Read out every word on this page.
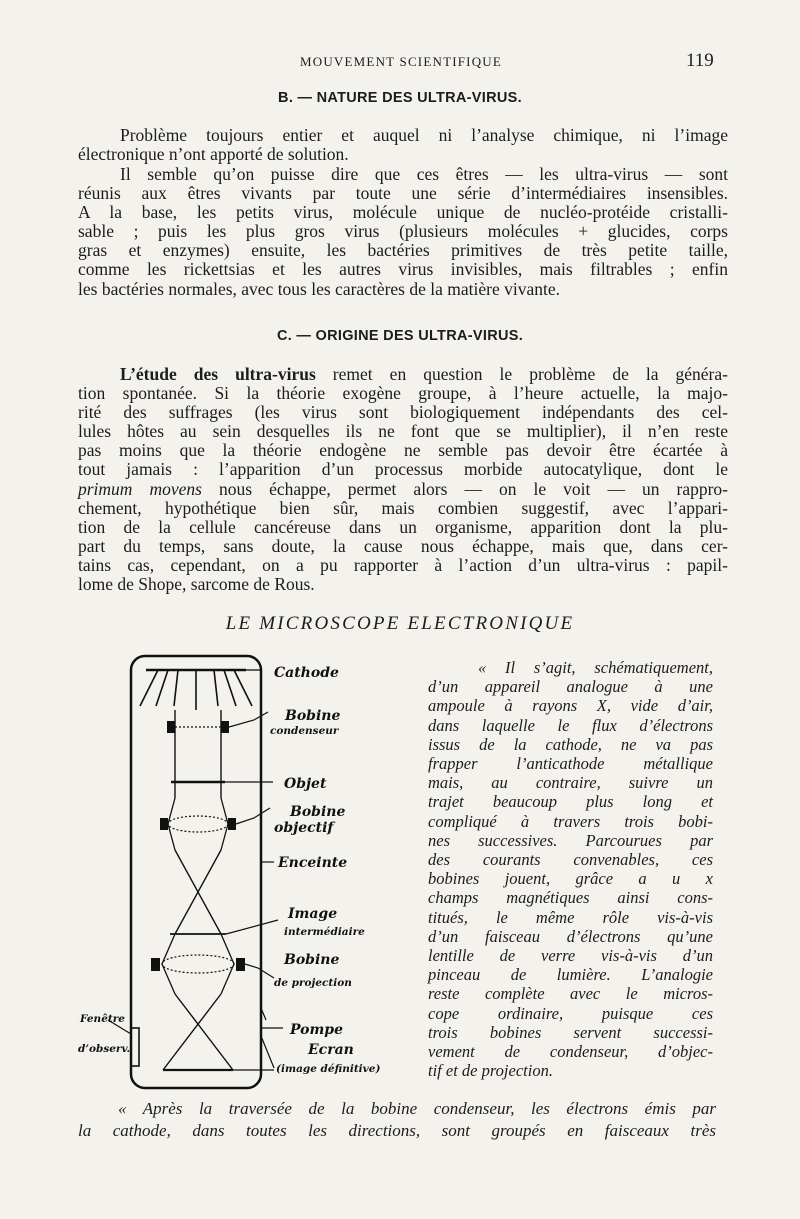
MOUVEMENT SCIENTIFIQUE	119
B. — NATURE DES ULTRA-VIRUS.
Problème toujours entier et auquel ni l’analyse chimique, ni l’image
électronique n’ont apporté de solution.
Il semble qu’on puisse dire que ces êtres — les ultra-virus — sont
réunis aux êtres vivants par toute une série d’intermédiaires insensibles.
A la base, les petits virus, molécule unique de nucléo-protéide cristalli-
sable ; puis les plus gros virus (plusieurs molécules + glucides, corps
gras et enzymes) ensuite, les bactéries primitives de très petite taille,
comme les rickettsias et les autres virus invisibles, mais filtrables ; enfin
les bactéries normales, avec tous les caractères de la matière vivante.
C. — ORIGINE DES ULTRA-VIRUS.
L’étude des ultra-virus remet en question le problème de la généra-
tion spontanée. Si la théorie exogène groupe, à l’heure actuelle, la majo-
rité des suffrages (les virus sont biologiquement indépendants des cel-
lules hôtes au sein desquelles ils ne font que se multiplier), il n’en reste
pas moins que la théorie endogène ne semble pas devoir être écartée à
tout jamais : l’apparition d’un processus morbide autocatylique, dont le
primum movens nous échappe, permet alors — on le voit — un rappro-
chement, hypothétique bien sûr, mais combien suggestif, avec l’appari-
tion de la cellule cancéreuse dans un organisme, apparition dont la plu-
part du temps, sans doute, la cause nous échappe, mais que, dans cer-
tains cas, cependant, on a pu rapporter à l’action d’un ultra-virus : papil-
lome de Shope, sarcome de Rous.
LE MICROSCOPE ELECTRONIQUE
Cathode
Bobine
condenseur
Objet
Bobine
objectif
Enceinte
Image
intermédiaire
Bobine
de projection
Pompe
Ecran
(image définitive)
Fenêtre
d’observ.
« Il s’agit, schématiquement,
d’un appareil analogue à une
ampoule à rayons X, vide d’air,
dans laquelle le flux d’électrons
issus de la cathode, ne va pas
frapper l’anticathode métallique
mais, au contraire, suivre un
trajet beaucoup plus long et
compliqué à travers trois bobi-
nes successives. Parcourues par
des courants convenables, ces
bobines jouent, grâce a u x
champs magnétiques ainsi cons-
titués, le même rôle vis-à-vis
d’un faisceau d’électrons qu’une
lentille de verre vis-à-vis d’un
pinceau de lumière. L’analogie
reste complète avec le micros-
cope ordinaire, puisque ces
trois bobines servent successi-
vement de condenseur, d’objec-
tif et de projection.
« Après la traversée de la bobine condenseur, les électrons émis par
la cathode, dans toutes les directions, sont groupés en faisceaux très
